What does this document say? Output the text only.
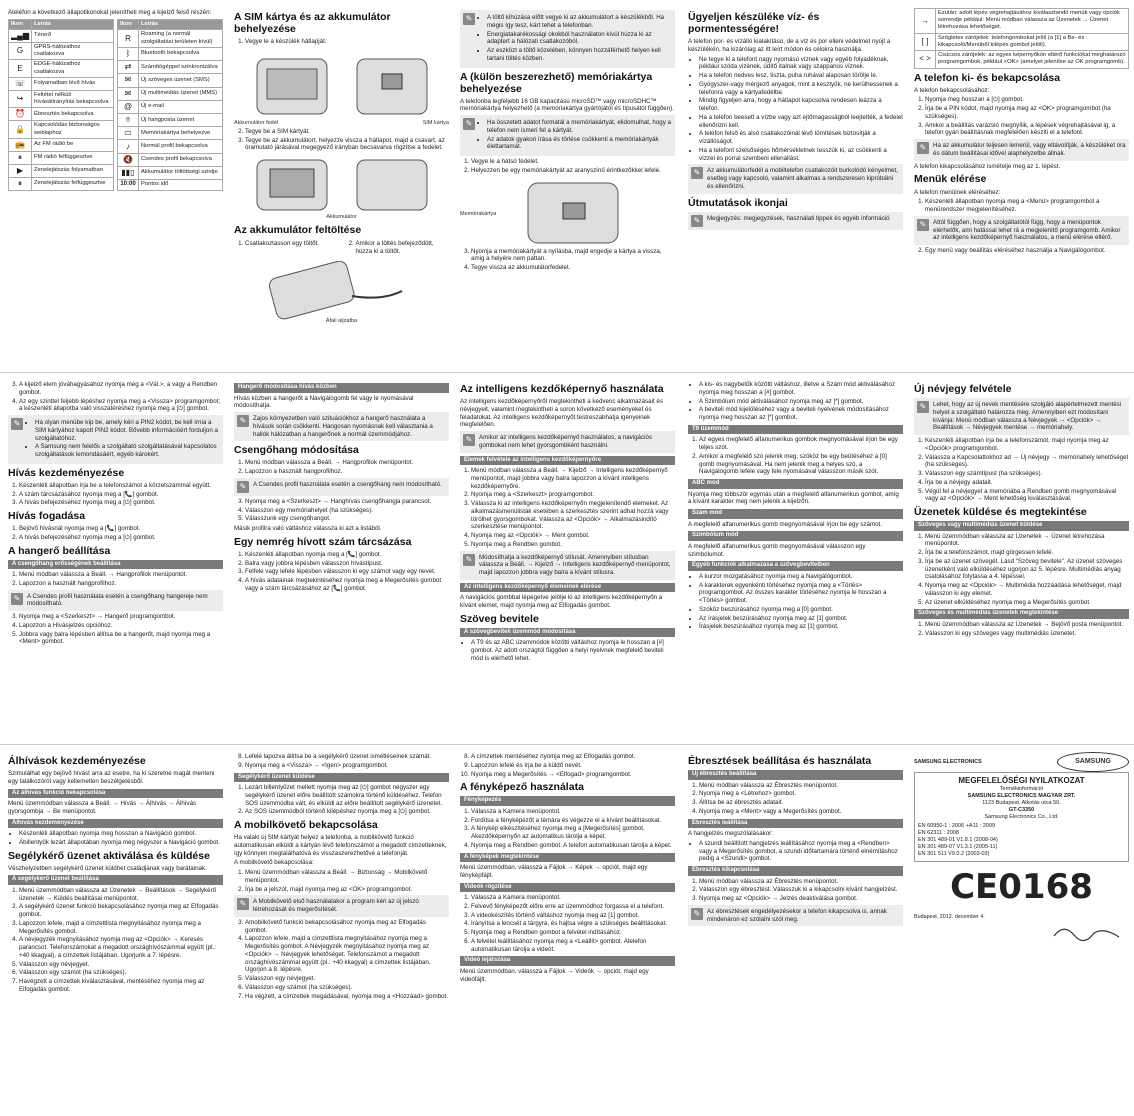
Ateléfon a következő állapotikonokat jelenítheti meg a kijelző felső részén:

Ikon	Leírás
▂▄▆	Térerő
G	GPRS-hálózathoz csatlakozva
E	EDGE-hálózathoz csatlakozva
☏	Folyamatban lévő hívás
↪	Feltétel nélküli hívásátirányítás bekapcsolva
⏰	Ébresztés bekapcsolva
🔒	Kapcsolódás biztonságos weblaphoz
📻	Az FM rádió be
⏸	FM rádió felfüggesztve
▶	Zenelejátszás folyamatban
⏸	Zenelejátszás felfüggesztve
Ikon	Leírás
R	Roaming (a normál szolgáltatási területen kívül)
ᛒ	Bluetooth bekapcsolva
⇄	Számítógéppel szinkronizálva
✉	Új szöveges üzenet (SMS)
✉	Új multimédiás üzenet (MMS)
@	Új e-mail
⌾	Új hangposta üzenet
▭	Memóriakártya behelyezve
♪	Normál profil bekapcsolva
🔇	Csendes profil bekapcsolva
▮▮▯	Akkumulátor töltöttségi szintje
10:00	Pontos idő
A SIM kártya és az akkumulátor behelyezése
1. Vegye le a készülék hátlapját.
Akkumulátor fedél	SIM kártya
2. Tegye be a SIM kártyát.
3. Tegye be az akkumulátort, helyezze vissza a hátlapot, majd a csavart, az óramutató járásával megegyező irányban becsavarva rögzítse a fedelet.
Akkumulátor
Az akkumulátor feltöltése
1. Csatlakoztasson egy töltőt.	2. Amikor a töltés befejeződött, húzza ki a töltőt.
Áfali aljzatba
✎	• A töltő kihúzása előtt vegye ki az akkumulátort a készülékből. Ha mégis így tesz, kárt tehet a telefonban.
• Energiatakarékossági okokból használaton kívül húzza ki az adaptert a hálózati csatlakozóból.
• Az eszközt a töltő közelében, könnyen hozzáférhető helyen kell tartani töltés közben.
A (külön beszerezhető) memóriakártya behelyezése

A telefonba legfeljebb 16 GB kapacitású microSD™ vagy microSDHC™ memóriakártya helyezhető (a memóriakártya gyártójától és típusától függően).

✎	• Ha összetett adatot formatál a memóriakártyát, elidomulhat, hogy a telefon nem ismeri fel a kártyát.
• Az adatok gyakori írása és törlése csökkenti a memóriakártyák élettartamát.
1. Vegye le a hátsó fedelet.
2. Helyezzen be egy memóriakártyát az aranyszínű érintkezőkkel lefelé.
Memóriakártya
3. Nyomja a memóriakártyát a nyílásba, majd engedje a kártya a vissza, amig a helyére nem pattan.
4. Tegye vissza az akkumulátorfedelet.
Ügyeljen készüléke víz- és pormentességére!

A telefon por- és vízálló kialakítású, de a víz és por elleni védelmet nyújt a készülékén, ha kizárólag az itt leírt módon és célokra használja.

• Ne tegye ki a telefont nagy nyomású víznek vagy egyéb folyadéknak, például szóda vizének, üdítő italnak vagy szappanos víznek.
• Ha a telefon nedves lesz, tiszta, puha ruhával alaposan törölje le.
• Gyógyszer-vagy mérgező anyagok, mint a kesztyűk, ne kerülhessenek a telefonra vagy a kártyafedélbe.
• Mindig figyeljen arra, hogy a hátlapot kapcsolva rendesen leázza a telefon.
• Ha a telefon beesett a vízbe vagy azt ejtőmagasságból leejtették, a fedelet ellenőrizni kell.
• A telefon felső és alsó csatlakozóinál lévő tömítések biztosítják a vízállóságot.
• Ha a telefont szélsőséges hőmérsékletnek tesszük ki, az csökkenti a vízzel és porral szembeni ellenállást.
✎	Az akkumulátorfedél a mobiltelefon csatlakozóit burkolódó kényelmet, esetleg vagy kapcsoló, valamint alkalmas a rendszeresen kipróbálni és ellenőrizni.
Útmutatások ikonjai
✎	Megjegyzés: megjegyzések, használati tippek és egyéb információ
→	Ezután: adott lépés végrehajtásához kiválasztandó menük vagy opciók sorrendje például: Menü módban válassza az Üzenetek → Üzenet létrehozása lehetőséget.
[ ]	Szögletes zárójelek: telefongombokat jelöl (a [1] a Be- és kikapcsoló/Menüből kilépés gombot jelöli).
< >	Csúcsos zárójelek: az egyes képernyőkön eltérő funkciókat meghatározó programgombok, például <OK> (amelyet jelenítse az OK programgomb).
A telefon ki- és bekapcsolása

A telefon bekapcsolásához:

1. Nyomja meg hosszan a [⏻] gombot.
2. Írja be a PIN kódot, majd nyomja meg az <OK> programgombot (ha szükséges).
3. Amikor a beállítás varázsló megnyílik, a lépések végrehajtásával ig, a telefon gyári beállításnak megfelelően készíti el a telefont.
✎	Ha az akkumulátor teljesen lemerül, vagy eltávolítják, a készüléket óra és dátum beállításai idővel alaphelyzetbe állnak.

A telefon kikapcsolásához ismételje meg az 1. lépést.

Menük elérése

A telefon menüinek eléréséhez:

1. Készenléti állapotban nyomja meg a <Menü> programgombot a menürendszer megjelenítéséhez.
✎	Attól függően, hogy a szolgáltatótól függ, hogy a menüpontok elérhetők, ami hatással lehet rá a megjelenítő programgomb. Amikor az intelligens kezdőképernyő használatos, a menü elérése eltérő.
2. Egy menü vagy beállítás eléréséhez használja a Navigálógombot.
3. A kijelző elem jóváhagyásához nyomja meg a <Vál.>, a vagy a Rendben gombot.
4. Az egy szinttel feljebb lépéshez nyomja meg a <Vissza> programgombot; a készenléti állapotba való visszatéréshez nyomja meg a [⏻] gombot.
✎	• Ha olyan menübe kíp be, amely kéri a PIN2 kódot, be kell írnia a SIM kártyához kapott PIN2 kódot. Bővebb információért forduljon a szolgáltatóhoz.
• A Samsung nem felelős a szolgáltató szolgáltatásával kapcsolatos szolgáltatások lemondásáért, egyéb károkért.
Hívás kezdeményezése
1. Készenléti állapotban írja be a telefonszámot a körzetszámmal együtt.
2. A szám tárcsázásához nyomja meg a [📞] gombot.
3. A hívás befejezéséhez nyomja meg a [⏻] gombot.
Hívás fogadása
1. Bejövő hívásnál nyomja meg a [📞] gombot.
2. A hívás befejezéséhez nyomja meg a [⏻] gombot.
A hangerő beállítása
A csengőhang erősségének beállítása
1. Menü módban válassza a Beáll. → Hangprofilok menüpontot.
2. Lapozzon a használt hangprofilhoz.
✎	A Csendes profil használata esetén a csengőhang hangereje nem módosítható.
3. Nyomja meg a <Szerkeszt> → Hangerő programgombot.
4. Lapozzon a Hívásjelzés opcióhoz.
5. Jobbra vagy balra lépésben állítsa be a hangerőt, majd nyomja meg a <Ment> gombot.
Hangerő módosítása hívás közben

Hívás közben a hangerőt a Navigálógomb fel vagy le nyomásával módosíthatja.

✎	Zajos környezetben való szituációkhoz a hangerő használata a hívások során csökkenti. Hangosan nyomásnak kell választania a hallók hálózatban a hangerőnek a normál üzemmódjához.
Csengőhang módosítása
1. Menü módban válassza a Beáll. → Hangprofilok menüpontot.
2. Lapozzon a használt hangprofilhoz.
✎	A Csendes profil használata esetén a csengőhang nem módosítható.
3. Nyomja meg a <Szerkeszt> → Hanghívás csengőhangja parancsot.
4. Válasszon egy memóriahelyet (ha szükséges).
5. Válasszunk egy csengőhangot.

Másik profilra való váltáshoz válassza ki azt a listából.

Egy nemrég hívott szám tárcsázása
1. Készenléti állapotban nyomja meg a [📞] gombot.
2. Balra vagy jobbra lépésben válasszon hívástípust.
3. Felfele vagy lefele lépésben válasszon ki egy számot vagy egy nevet.
4. A hívás adatainak megtekintéséhez nyomja meg a Megerősítés gombot vagy a szám tárcsázásához az [📞] gombot.
Az intelligens kezdőképernyő használata

Az intelligens kezdőképernyőről megtekintheti a kedvenc alkalmazásait és névjegyeit, valamint megtekintheti a soron következő eseményeket és feladatokat. Az intelligens kezdőképernyőt testreszabhatja igényeinek megfelelően.

✎	Amikor az intelligens kezdőképernyő használatos, a navigációs gombokat nem lehet gyorsgombként használni.
Elemek felvétele az intelligens kezdőképernyőre
1. Menü módban válassza a Beáll. → Kijelző → Intelligens kezdőképernyő menüpontot, majd jobbra vagy balra lapozzon a kívánt intelligens kezdőképernyőre.
2. Nyomja meg a <Szerkeszt> programgombot.
3. Válassza ki az intelligens kezdőképernyőn megjelenítendő elemeket. Az alkalmazásmenülisták esetében a szerkesztés szerint adhat hozzá vagy törölhet gyorsgombokat. Válassza az <Opciók> → Alkalmazásindító szerkesztése menüpontot.
4. Nyomja meg az <Opciók> → Ment gombot.
5. Nyomja meg a Rendben gombot.
✎	Módosíthatja a kezdőképernyő stílusát. Amennyiben stílusban válassza a Beáll. → Kijelző → Intelligens kezdőképernyő menüpontot, majd lapozzon jobbra vagy balra a kívánt stílusra.
Az intelligens kezdőképernyő elemeinek elérése

A navigációs gombbal lépegetve jelölje ki az intelligens kezdőképernyőn a kívánt elemet, majd nyomja meg az Elfogadás gombot.

Szöveg bevitele
A szövegbeviteli üzemmód módosítása
• A T9 és az ABC üzemmódok közötti váltáshoz nyomja le hosszan a [#] gombot. Az adott országtól függően a helyi nyelvnek megfelelő beviteli mód is elérhető lehet.
• A kis- és nagybetűk közötti váltáshoz, illetve a Szám mód aktiválásához nyomja meg hosszan a [#] gombot.
• A Szimbólum mód aktiválásához nyomja meg az [*] gombot.
• A beviteli mód kijelöléséhez vagy a beviteli nyelvének módosításához nyomja meg hosszan az [*] gombot.
T9 üzemmód
1. Az egyes megfelelő alfanumerikus gombok megnyomásával írjon be egy teljes szót.
2. Amikor a megfelelő szó jelenik meg, szóköz be egy beütéséhez a [0] gomb megnyomásával. Ha nem jelenik meg a helyes szó, a Navigálógomb lefele vagy fele nyomásával válasszon másik szót.
ABC mód

Nyomja meg többször egymás után a megfelelő alfanumerikus gombot, amíg a kívánt karakter meg nem jelenik a kijelzőn.

Szám mód

A megfelelő alfanumerikus gomb megnyomásával írjon be egy számot.

Szimbólum mód

A megfelelő alfanumerikus gomb megnyomásával válasszon egy szimbólumot.

Egyéb funkciók alkalmazása a szövegbevitelben
• A kurzor mozgatásához nyomja meg a Navigálógombot.
• A karakterek egyenkénti törléséhez nyomja meg a <Törlés> programgombot. Az összes karakter törléséhez nyomja le hosszan a <Törlés> gombot.
• Szóköz beszúrásához nyomja meg a [0] gombot.
• Az írásjelek beszúrásához nyomja meg az [1] gombot.
• Írásjelek beszúrásához nyomja meg az [1] gombot.
Új névjegy felvétele
✎	Lehet, hogy az új nevek mentésére szolgáló alapértelmezett mentési helyet a szolgáltató határozza meg. Amennyiben ezt módosítani kívánja: Menü módban válassza a Névjegyek → <Opciók> → Beállítások → Névjegyek mentése → memóriahely.
1. Készenléti állapotban írja be a telefonszámot, majd nyomja meg az <Opciók> programgombot.
2. Válassza a Kapcsolattokhoz ad → Új névjegy → memóriahely lehetőséget (ha szükséges).
3. Válasszon egy számtípust (ha szükséges).
4. Írja be a névjegy adatait.
5. Végül fel a névjegyet a memóriába a Rendben gomb megnyomásával vagy az <Opciók> → Ment lehetőség kiválasztásával.
Üzenetek küldése és megtekintése
Szöveges vagy multimédiás üzenet küldése
1. Menü üzemmódban válassza az Üzenetek → Üzenet létrehozása menüpontot.
2. Írja be a telefonszámot, majd görgessen lefelé.
3. Írja be az üzenet szövegét. Lásd "Szöveg bevitele". Az üzenet szöveges üzenetként való elküldéséhez ugorjon az 5. lépésre. Multimédiás anyag csatolásához folytassa a 4. lépéssel.
4. Nyomja meg az <Opciók> → Multimédia hozzáadása lehetőséget, majd válasszon ki egy elemet.
5. Az üzenet elküldéséhez nyomja meg a Megerősítés gombot.
Szöveges és multimédiás üzenetek megtekintése
1. Menü üzemmódban válassza az Üzenetek → Bejövő posta menüpontot.
2. Válasszon ki egy szöveges vagy multimédiás üzenetet.
Álhívások kezdeményezése

Szimulálhat egy bejövő hívást arra az esetre, ha ki szeretne magát menteni egy találkozóról vagy kellemetlen beszélgetésből.

Az álhívás funkció bekapcsolása

Menü üzemmódban válassza a Beáll. → Hívás → Álhívás → Álhívás gyorsgombja → Be menüpontot.

Álhívás kezdeményezése
• Készenléti állapotban nyomja meg hosszan a Navigáció gombot.
• Ábillentyűk lezárt állapotában nyomja meg négyszer a Navigáció gombot.
Segélykérő üzenet aktiválása és küldése

Vészhelyzetben segélykérő üzenet küldhet családjának vagy barátainak.

A segélykérő üzenet beállítása
1. Menü üzemmódban válassza az Üzenetek → Beállítások → Segélykérő üzenetek → Küldés beállításai menüpontot.
2. A segélykérő üzenet funkció bekapcsolásához nyomja meg az Elfogadás gombot.
3. Lapozzon lefele, majd a címzettlista megnyitásához nyomja meg a Megerősítés gombot.
4. A névjegyzék megnyitásához nyomja meg az <Opciók> → Keresés parancsot. Telefonszámokat a megadott országhívószámmal együtt (pl.: +40 kkagyal), a címzettek listájában. Ugorjunk a 7. lépésre.
5. Válasszon egy névjegyet.
6. Válasszon egy számot (ha szükséges).
7. Havégzett a címzettek kiválasztásával, mentéséhez nyomja meg az Elfogadás gombot.
8. Lefelé lapozva állítsa be a segélykérő üzenet ismétléseinek számát.
9. Nyomja meg a <Vissza> → <Igen> programgombot.
Segélykérő üzenet küldése
1. Lezárt billentyűzet mellett nyomja meg az [⏻] gombot négyszer egy segélykérő üzenet előre beállított számokra történő küldéséhez. Telefon SOS üzemmódba vált, és elküldi az előre beállított segélykérő üzenetet.
2. Az SOS üzemmódból történő kilépéshez nyomja meg a [⏻] gombot.
A mobilkövető bekapcsolása

Ha valaki új SIM kártyát helyez a telefonba, a mobilkövető funkció automatikusan elküldi a kártyán lévő telefonszámot a megadott címzetteknek, így könnyen megtalálhatóvá és visszaszerezhetővé a telefonját.

A mobilkövető bekapcsolása:

1. Menü üzemmódban válassza a Beáll. → Biztonság → Mobilkövető menüpontot.
2. Írja be a jelszót, majd nyomja meg az <OK> programgombot.
✎	A Mobilkövető első használatakor a program kéri az új jelszó létrehozását és megerősítését.
3. Amobilkövető funkció bekapcsolásához nyomja meg az Elfogadás gombot.
4. Lapozzon lefele, majd a címzettlista megnyitásához nyomja meg a Megerősítés gombot. A Névjegyzék megnyitásához nyomja meg az <Opciók> → Névjegyek lehetőséget. Telefonszámot a megadott országhívószámmal együtt (pl.: +40 kkagyal) a címzettek listájában. Ugorjon a 8. lépésre.
5. Válasszon egy névjegyet.
6. Válasszon egy számot (ha szükséges).
7. Ha végzett, a címzettek megadásával, nyomja meg a <Hozzáad> gombot.
8. A címzettek mentéséhez nyomja meg az Elfogadás gombot.
9. Lapozzon lefelé és írja be a küldő nevét.
10. Nyomja meg a Megerősítés → <Elfogad> programgombot.
A fényképező használata
Fényképezés
1. Válassza a Kamera menüpontot.
2. Fordítsa a fényképezőt a témára és végezze el a kívánt beállításokat.
3. A fénykép elkészítéséhez nyomja meg a [Megerősítés] gombot. Akezdőképernyőn az automatikus tárolja a képet.
4. Nyomja meg a Rendben gombot. A telefon automatikusan tárolja a képet.
A fényképek megtekintése

Menü üzemmódban, válassza a Fájlok → Képek → opciót, majd egy fényképfájlt.

Videók rögzítése
1. Válassza a Kamera menüpontot.
2. Felvevő fényképezőt előre erre az üzemmódhoz forgassa el a telefont.
3. A videokészítés történő váltáshoz nyomja meg az [1] gombot.
4. Irányítsa a lencsét a tárgyra, és hajtsa végre a szükséges beállításokat.
5. Nyomja meg a Rendben gombot a felvétel indításához.
6. A felvétel leállításához nyomja meg a <Leállít> gombot. Atelefon automatikusan tárolja a videót.
Videó lejátszása

Menü üzemmódban, válassza a Fájlok → Videók → opciót, majd egy videófájlt.

Ébresztések beállítása és használata
Új ébresztés beállítása
1. Menü módban válassza az Ébresztés menüpontot.
2. Nyomja meg a <Létrehoz> gombot.
3. Állítsa be az ébresztés adatait.
4. Nyomja meg a <Ment> vagy a Megerősítés gombot.
Ébresztés leállítása

A hangjelzés megszólalásakor:

• A szundi beállított hangjelzés leállításához nyomja meg a <Rendben> vagy a Megerősítés gombot, a szundi időtartamára történő elnémításhoz pedig a <Szundi> gombot.
Ébresztés kikapcsolása
1. Menü módban válassza az Ébresztés menüpontot.
2. Válasszon egy ébresztést. Válasszuk ki a kikapcsolni kívánt hangjelzést.
3. Nyomja meg az <Opciók> → Jelzés deaktiválása gombot.
✎	Az ébresztések engedélyezésekor a telefon kikapcsolva is, annak mindenáron ez szólalni szól meg.
SAMSUNG ELECTRONICS	SAMSUNG
MEGFELELŐSÉGI NYILATKOZAT
Termékinformáció
SAMSUNG ELECTRONICS MAGYAR ZRT.
1123 Budapest, Alkotás utca 50.
GT-C3350
Samsung Electronics Co., Ltd.
EN 60950-1 : 2006 +A11 : 2009
EN 62311 : 2008
EN 301 489-01 V1.8.1 (2008-04)
EN 301 489-07 V1.3.1 (2005-11)
EN 301 511 V9.0.2 (2003-03)
CE0168
Budapest, 2012. december 4.
